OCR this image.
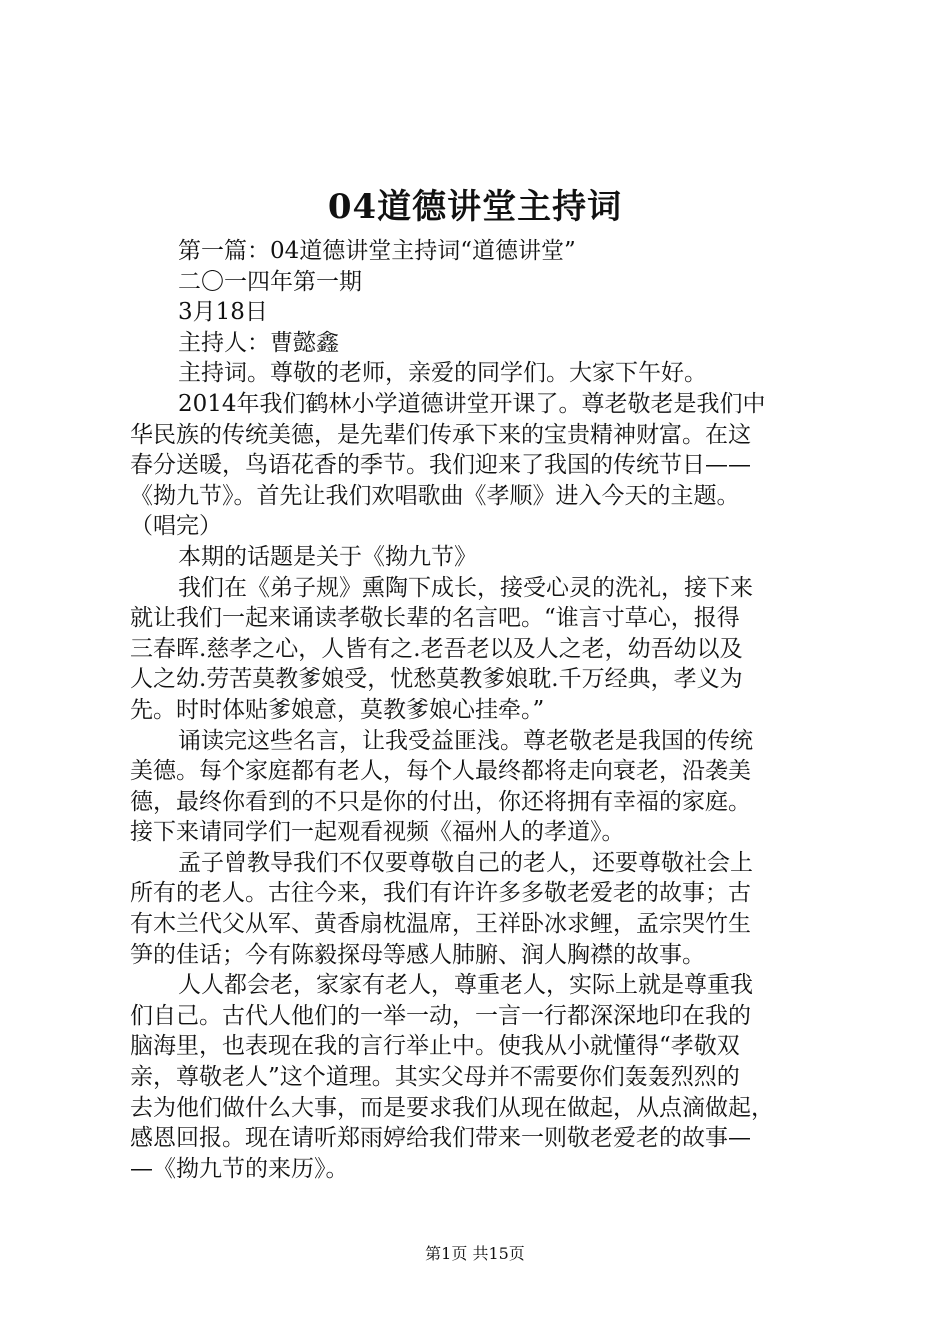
04道德讲堂主持词
第一篇：04道德讲堂主持词“道德讲堂”
二〇一四年第一期
3月18日
主持人：曹懿鑫
主持词。尊敬的老师，亲爱的同学们。大家下午好。
2014年我们鹤林小学道德讲堂开课了。尊老敬老是我们中
华民族的传统美德，是先辈们传承下来的宝贵精神财富。在这
春分送暖，鸟语花香的季节。我们迎来了我国的传统节日——
《拗九节》。首先让我们欢唱歌曲《孝顺》进入今天的主题。
（唱完）
本期的话题是关于《拗九节》
我们在《弟子规》熏陶下成长，接受心灵的洗礼，接下来
就让我们一起来诵读孝敬长辈的名言吧。“谁言寸草心，报得
三春晖.慈孝之心，人皆有之.老吾老以及人之老，幼吾幼以及
人之幼.劳苦莫教爹娘受，忧愁莫教爹娘耽.千万经典，孝义为
先。时时体贴爹娘意，莫教爹娘心挂牵。”
诵读完这些名言，让我受益匪浅。尊老敬老是我国的传统
美德。每个家庭都有老人，每个人最终都将走向衰老，沿袭美
德，最终你看到的不只是你的付出，你还将拥有幸福的家庭。
接下来请同学们一起观看视频《福州人的孝道》。
孟子曾教导我们不仅要尊敬自己的老人，还要尊敬社会上
所有的老人。古往今来，我们有许许多多敬老爱老的故事；古
有木兰代父从军、黄香扇枕温席，王祥卧冰求鲤，孟宗哭竹生
笋的佳话；今有陈毅探母等感人肺腑、润人胸襟的故事。
人人都会老，家家有老人，尊重老人，实际上就是尊重我
们自己。古代人他们的一举一动，一言一行都深深地印在我的
脑海里，也表现在我的言行举止中。使我从小就懂得“孝敬双
亲，尊敬老人”这个道理。其实父母并不需要你们轰轰烈烈的
去为他们做什么大事，而是要求我们从现在做起，从点滴做起，
感恩回报。现在请听郑雨婷给我们带来一则敬老爱老的故事—
—《拗九节的来历》。
第1页 共15页
